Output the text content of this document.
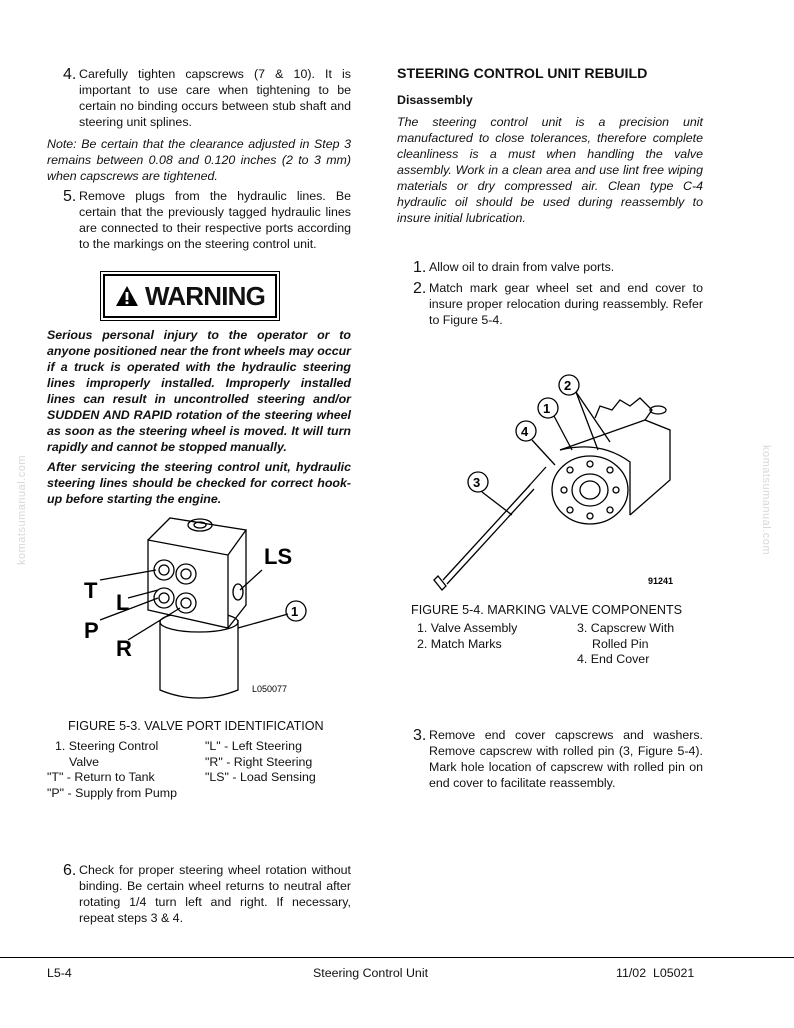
4. Carefully tighten capscrews (7 & 10). It is important to use care when tightening to be certain no binding occurs between stub shaft and steering unit splines.

Note: Be certain that the clearance adjusted in Step 3 remains between 0.08 and 0.120 inches (2 to 3 mm) when capscrews are tightened.

5. Remove plugs from the hydraulic lines. Be certain that the previously tagged hydraulic lines are connected to their respective ports according to the markings on the steering control unit.

WARNING

Serious personal injury to the operator or to anyone positioned near the front wheels may occur if a truck is operated with the hydraulic steering lines improperly installed. Improperly installed lines can result in uncontrolled steering and/or SUDDEN AND RAPID rotation of the steering wheel as soon as the steering wheel is moved. It will turn rapidly and cannot be stopped manually.

After servicing the steering control unit, hydraulic steering lines should be checked for correct hook-up before starting the engine.

T L
P
R
LS
1
L050077
FIGURE 5-3. VALVE PORT IDENTIFICATION
1. Steering Control
Valve
"T" - Return to Tank
"P" - Supply from Pump
"L" - Left Steering
"R" - Right Steering
"LS" - Load Sensing
6. Check for proper steering wheel rotation without binding. Be certain wheel returns to neutral after rotating 1/4 turn left and right. If necessary, repeat steps 3 & 4.

STEERING CONTROL UNIT REBUILD
Disassembly

The steering control unit is a precision unit manufactured to close tolerances, therefore complete cleanliness is a must when handling the valve assembly. Work in a clean area and use lint free wiping materials or dry compressed air. Clean type C-4 hydraulic oil should be used during reassembly to insure initial lubrication.

1. Allow oil to drain from valve ports.

2. Match mark gear wheel set and end cover to insure proper relocation during reassembly. Refer to Figure 5-4.

2
1
4
3
91241
FIGURE 5-4. MARKING VALVE COMPONENTS
1. Valve Assembly
2. Match Marks
3. Capscrew With
Rolled Pin
4. End Cover
3. Remove end cover capscrews and washers. Remove capscrew with rolled pin (3, Figure 5-4). Mark hole location of capscrew with rolled pin on end cover to facilitate reassembly.

komatsumanual.com	komatsumanual.com
L5-4	Steering Control Unit	11/02  L05021
